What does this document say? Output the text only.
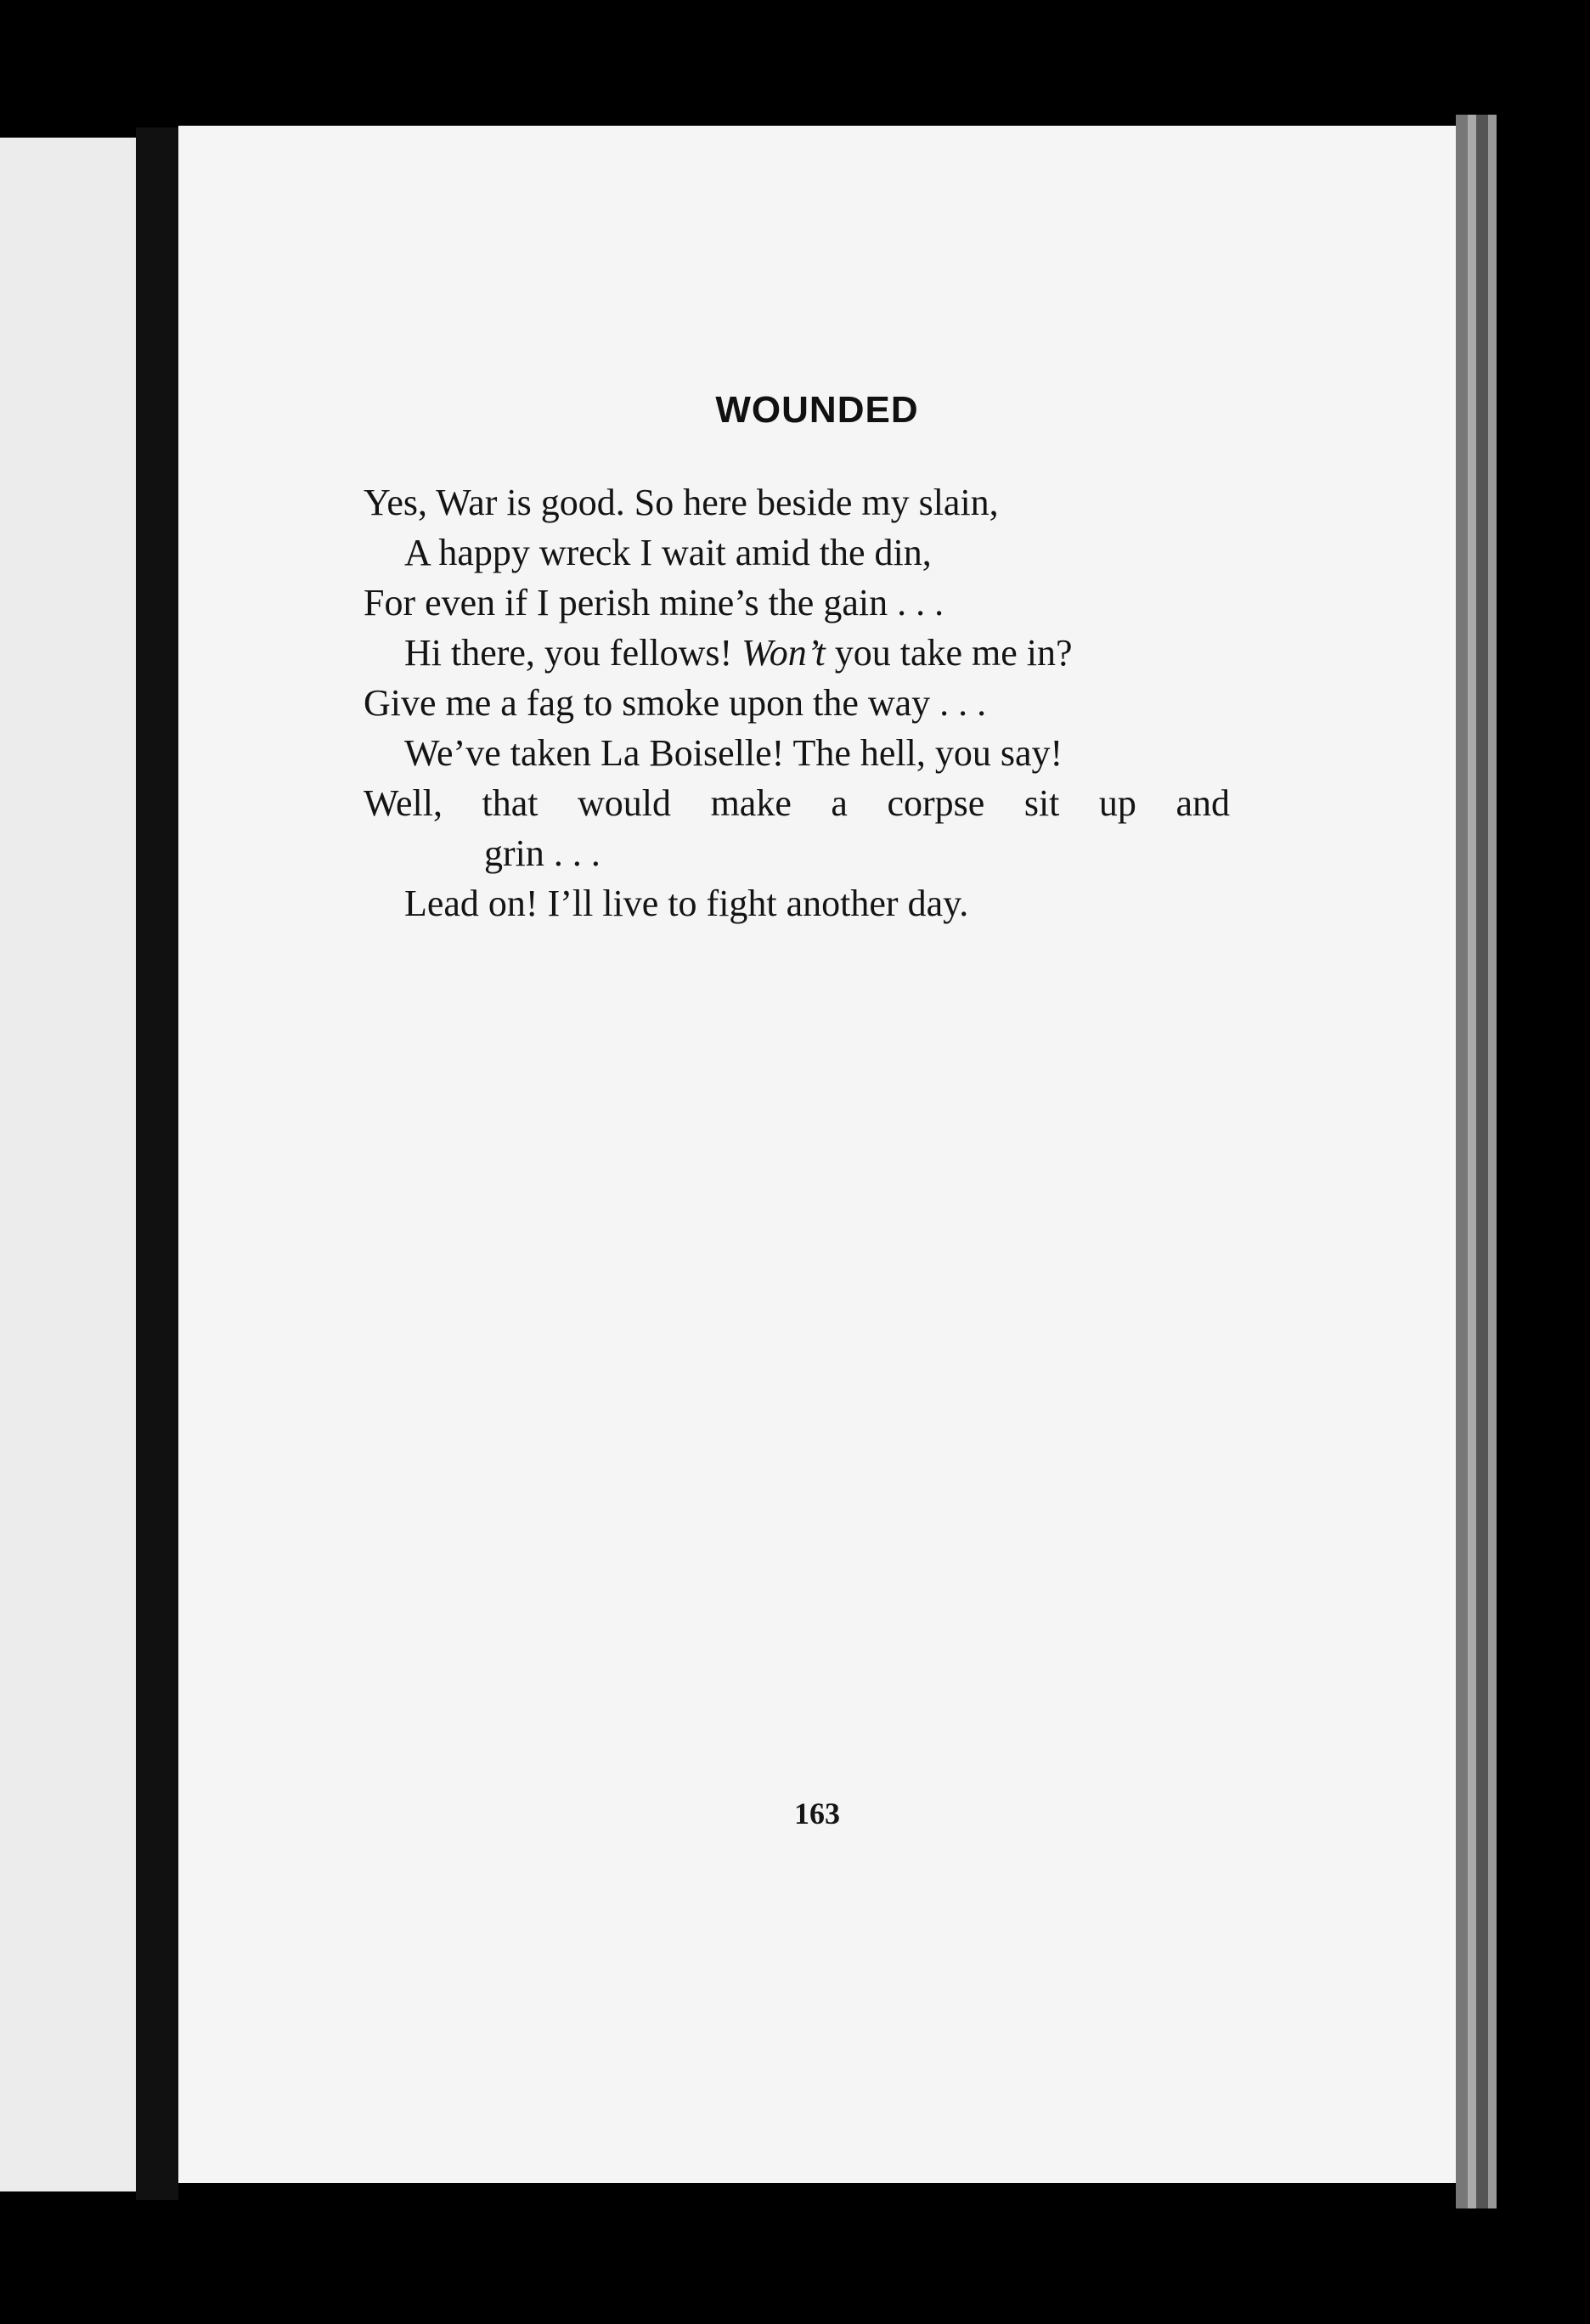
WOUNDED
Yes, War is good. So here beside my slain,
A happy wreck I wait amid the din,
For even if I perish mine’s the gain . . .
Hi there, you fellows! Won’t you take me in?
Give me a fag to smoke upon the way . . .
We’ve taken La Boiselle! The hell, you say!
Well, that would make a corpse sit up and
grin . . .
Lead on! I’ll live to fight another day.
163
